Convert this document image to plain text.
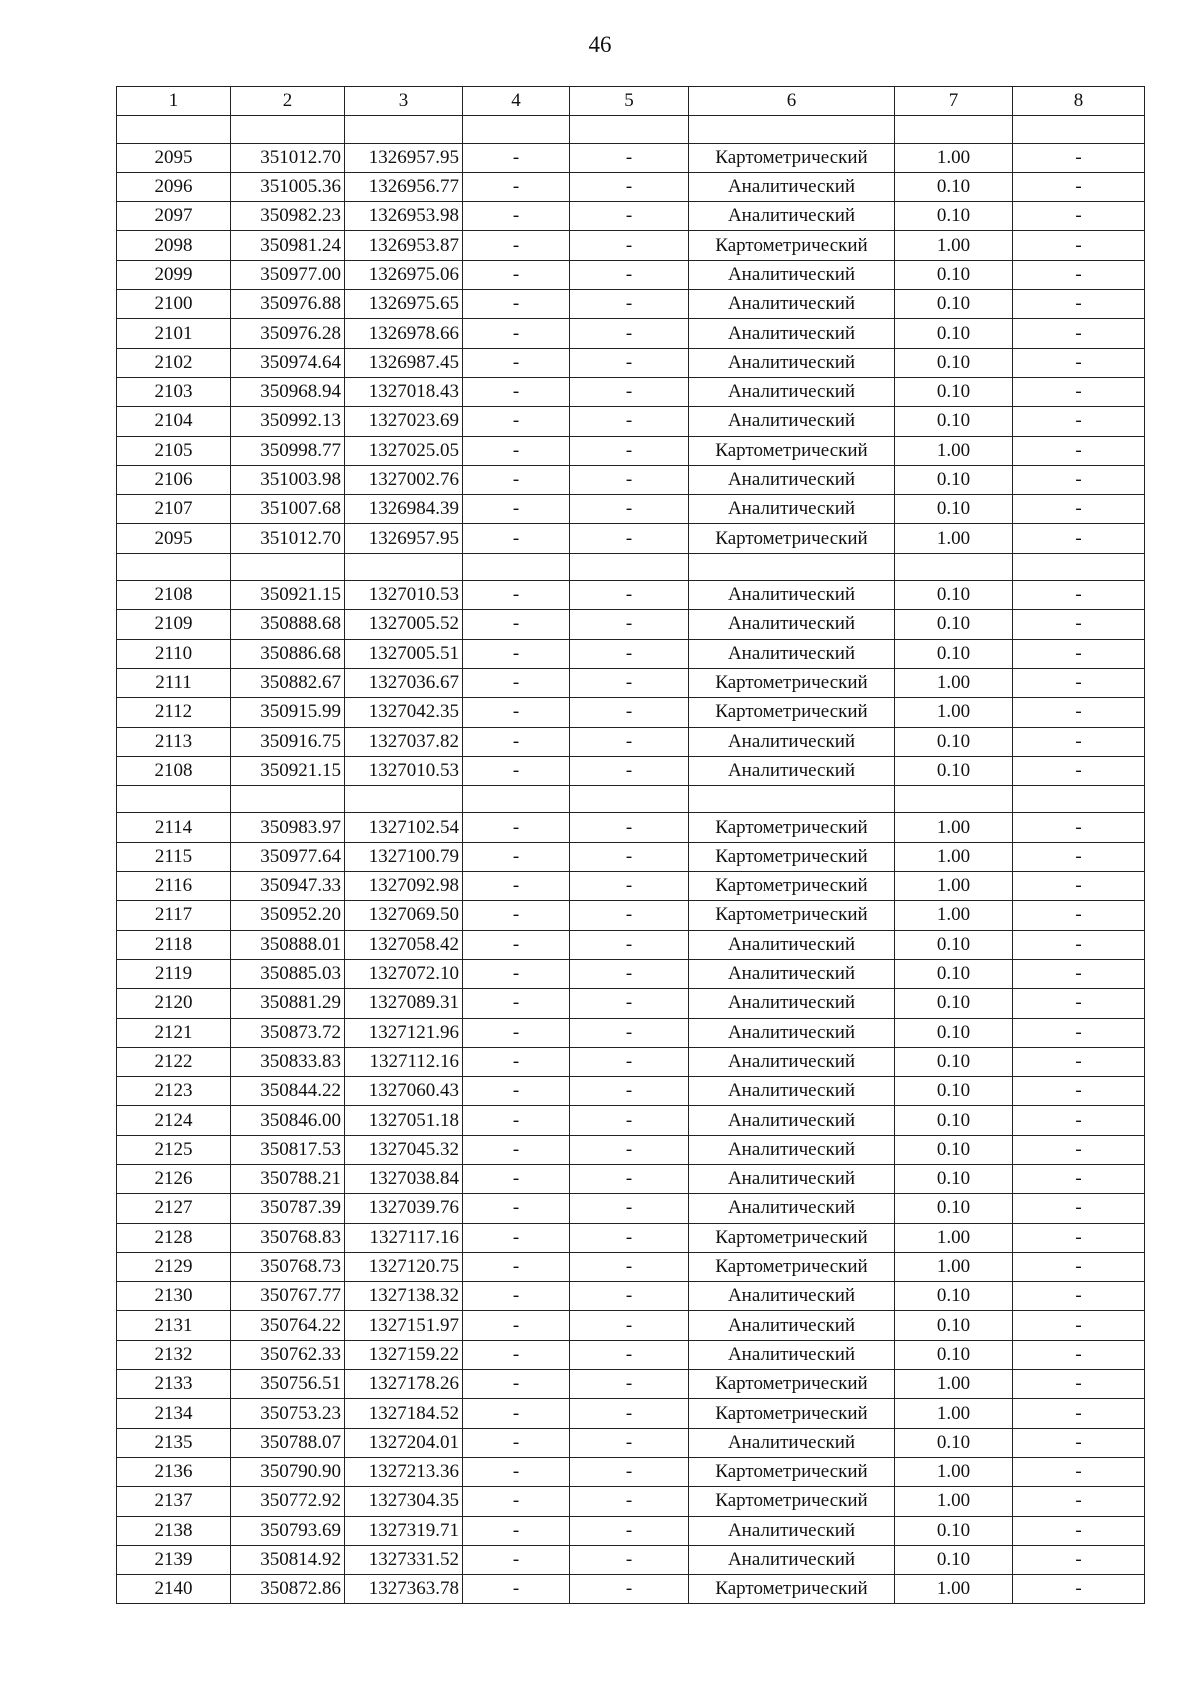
46
1	2	3	4	5	6	7	8

2095	351012.70	1326957.95	-	-	Картометрический	1.00	-
2096	351005.36	1326956.77	-	-	Аналитический	0.10	-
2097	350982.23	1326953.98	-	-	Аналитический	0.10	-
2098	350981.24	1326953.87	-	-	Картометрический	1.00	-
2099	350977.00	1326975.06	-	-	Аналитический	0.10	-
2100	350976.88	1326975.65	-	-	Аналитический	0.10	-
2101	350976.28	1326978.66	-	-	Аналитический	0.10	-
2102	350974.64	1326987.45	-	-	Аналитический	0.10	-
2103	350968.94	1327018.43	-	-	Аналитический	0.10	-
2104	350992.13	1327023.69	-	-	Аналитический	0.10	-
2105	350998.77	1327025.05	-	-	Картометрический	1.00	-
2106	351003.98	1327002.76	-	-	Аналитический	0.10	-
2107	351007.68	1326984.39	-	-	Аналитический	0.10	-
2095	351012.70	1326957.95	-	-	Картометрический	1.00	-

2108	350921.15	1327010.53	-	-	Аналитический	0.10	-
2109	350888.68	1327005.52	-	-	Аналитический	0.10	-
2110	350886.68	1327005.51	-	-	Аналитический	0.10	-
2111	350882.67	1327036.67	-	-	Картометрический	1.00	-
2112	350915.99	1327042.35	-	-	Картометрический	1.00	-
2113	350916.75	1327037.82	-	-	Аналитический	0.10	-
2108	350921.15	1327010.53	-	-	Аналитический	0.10	-

2114	350983.97	1327102.54	-	-	Картометрический	1.00	-
2115	350977.64	1327100.79	-	-	Картометрический	1.00	-
2116	350947.33	1327092.98	-	-	Картометрический	1.00	-
2117	350952.20	1327069.50	-	-	Картометрический	1.00	-
2118	350888.01	1327058.42	-	-	Аналитический	0.10	-
2119	350885.03	1327072.10	-	-	Аналитический	0.10	-
2120	350881.29	1327089.31	-	-	Аналитический	0.10	-
2121	350873.72	1327121.96	-	-	Аналитический	0.10	-
2122	350833.83	1327112.16	-	-	Аналитический	0.10	-
2123	350844.22	1327060.43	-	-	Аналитический	0.10	-
2124	350846.00	1327051.18	-	-	Аналитический	0.10	-
2125	350817.53	1327045.32	-	-	Аналитический	0.10	-
2126	350788.21	1327038.84	-	-	Аналитический	0.10	-
2127	350787.39	1327039.76	-	-	Аналитический	0.10	-
2128	350768.83	1327117.16	-	-	Картометрический	1.00	-
2129	350768.73	1327120.75	-	-	Картометрический	1.00	-
2130	350767.77	1327138.32	-	-	Аналитический	0.10	-
2131	350764.22	1327151.97	-	-	Аналитический	0.10	-
2132	350762.33	1327159.22	-	-	Аналитический	0.10	-
2133	350756.51	1327178.26	-	-	Картометрический	1.00	-
2134	350753.23	1327184.52	-	-	Картометрический	1.00	-
2135	350788.07	1327204.01	-	-	Аналитический	0.10	-
2136	350790.90	1327213.36	-	-	Картометрический	1.00	-
2137	350772.92	1327304.35	-	-	Картометрический	1.00	-
2138	350793.69	1327319.71	-	-	Аналитический	0.10	-
2139	350814.92	1327331.52	-	-	Аналитический	0.10	-
2140	350872.86	1327363.78	-	-	Картометрический	1.00	-
